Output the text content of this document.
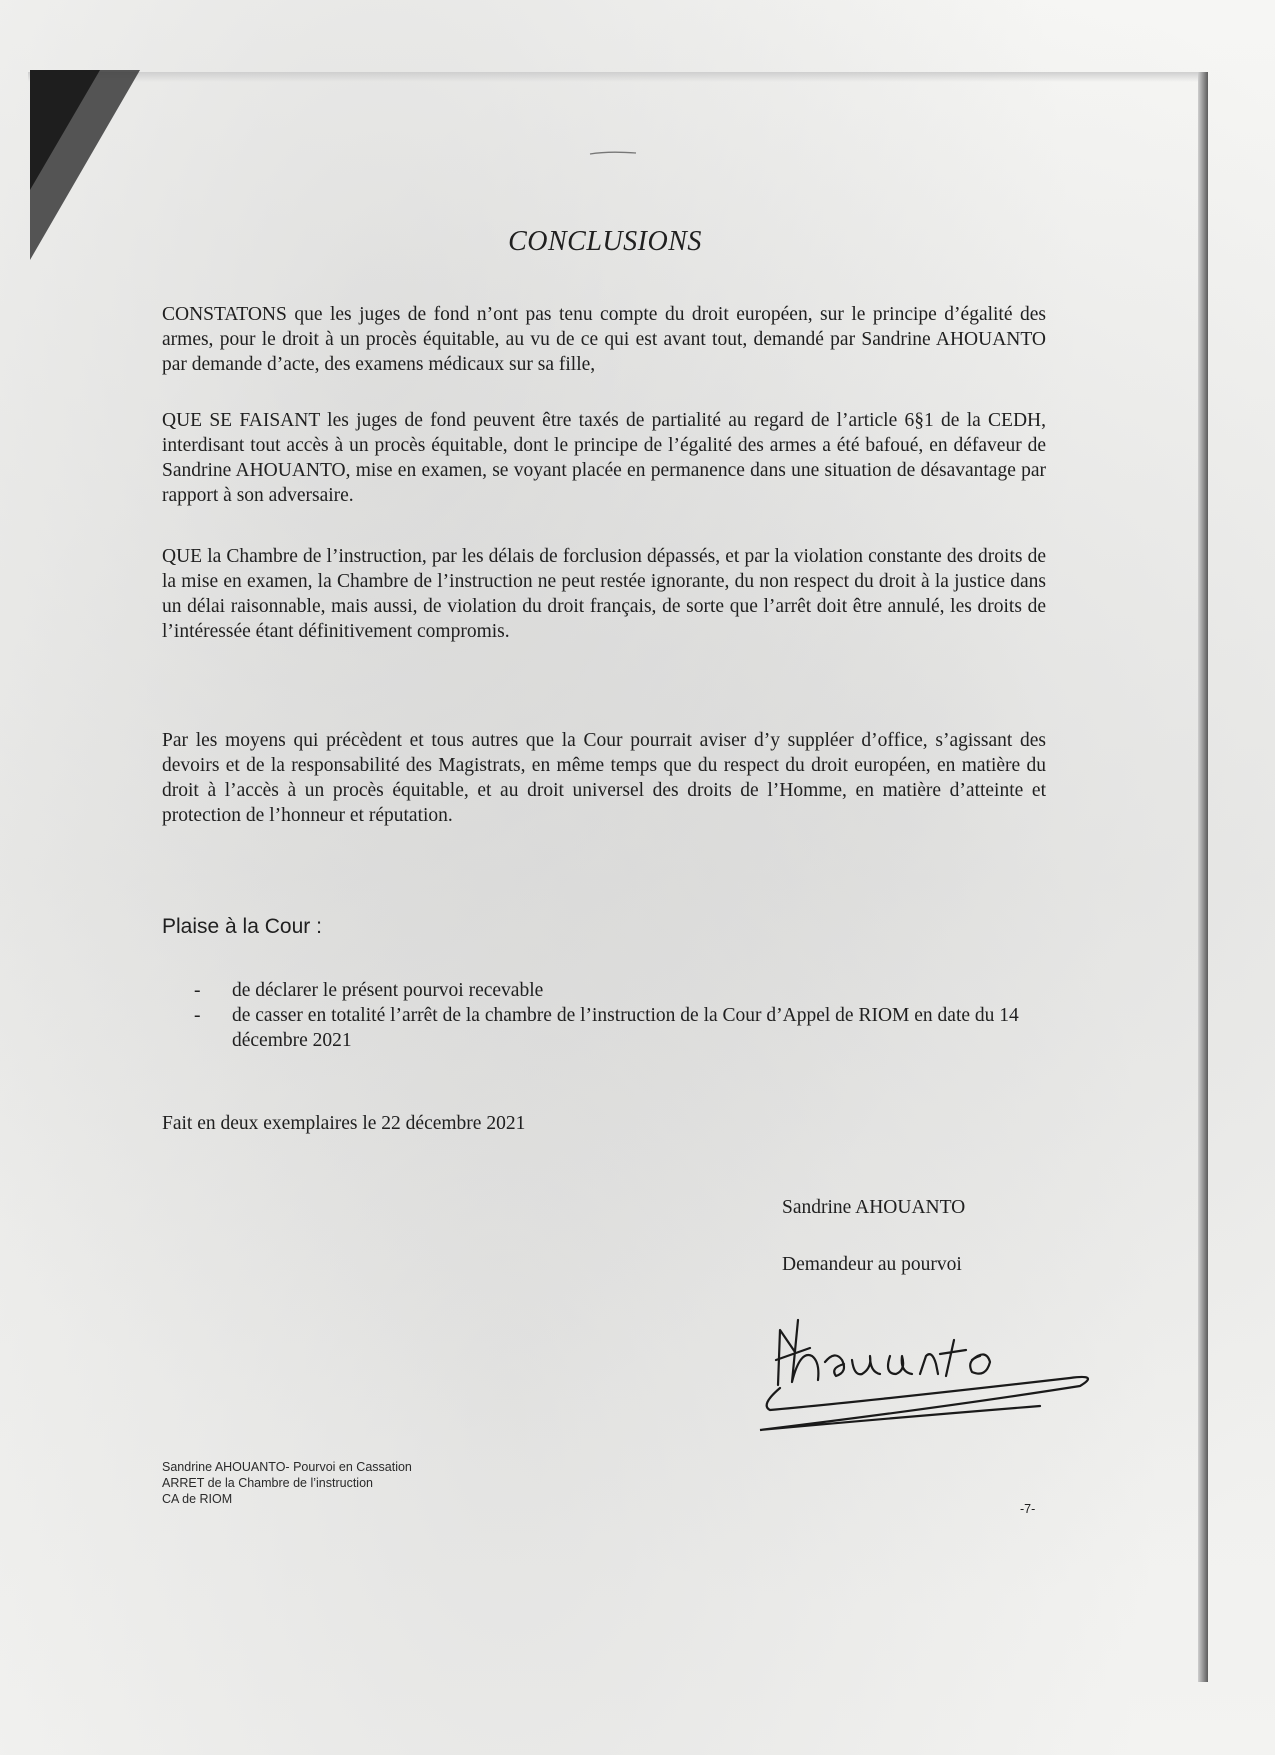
CONCLUSIONS

CONSTATONS que les juges de fond n’ont pas tenu compte du droit européen, sur le principe d’égalité des armes, pour le droit à un procès équitable, au vu de ce qui est avant tout, demandé par Sandrine AHOUANTO par demande d’acte, des examens médicaux sur sa fille,

QUE SE FAISANT les juges de fond peuvent être taxés de partialité au regard de l’article 6§1 de la CEDH, interdisant tout accès à un procès équitable, dont le principe de l’égalité des armes a été bafoué, en défaveur de Sandrine AHOUANTO, mise en examen, se voyant placée en permanence dans une situation de désavantage par rapport à son adversaire.

QUE la Chambre de l’instruction, par les délais de forclusion dépassés, et par la violation constante des droits de la mise en examen, la Chambre de l’instruction ne peut restée ignorante, du non respect du droit à la justice dans un délai raisonnable, mais aussi, de violation du droit français, de sorte que l’arrêt doit être annulé, les droits de l’intéressée étant définitivement compromis.

Par les moyens qui précèdent et tous autres que la Cour pourrait aviser d’y suppléer d’office, s’agissant des devoirs et de la responsabilité des Magistrats, en même temps que du respect du droit européen, en matière du droit à l’accès à un procès équitable, et au droit universel des droits de l’Homme, en matière d’atteinte et protection de l’honneur et réputation.

Plaise à la Cour :
- de déclarer le présent pourvoi recevable
- de casser en totalité l’arrêt de la chambre de l’instruction de la Cour d’Appel de RIOM en date du 14 décembre 2021
Fait en deux exemplaires le 22 décembre 2021
Sandrine AHOUANTO
Demandeur au pourvoi
Sandrine AHOUANTO- Pourvoi en Cassation
ARRET de la Chambre de l’instruction
CA de RIOM
-7-
